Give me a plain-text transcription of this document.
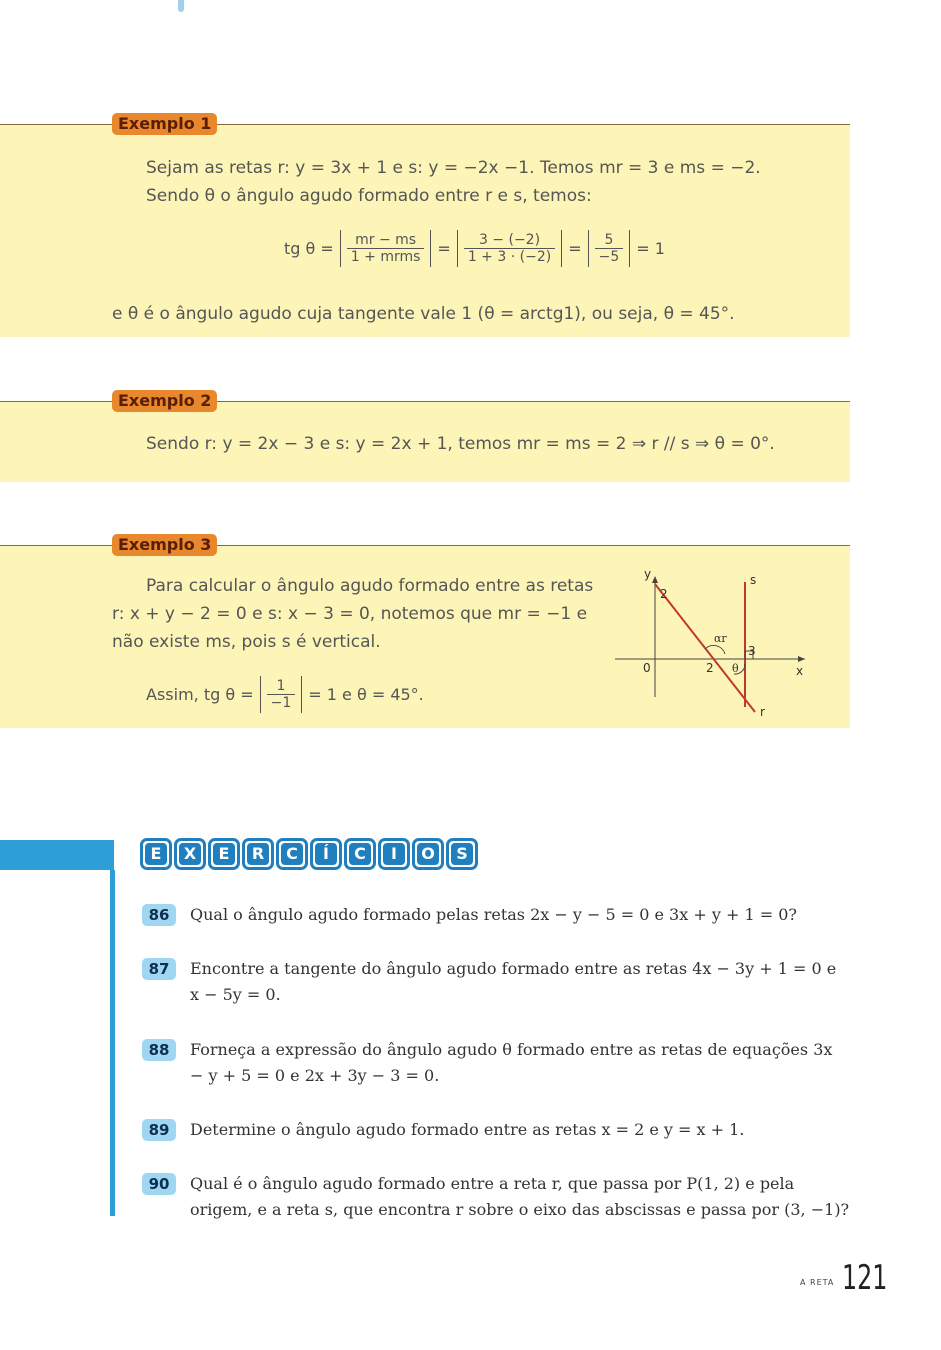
Exemplo 1
Sejam as retas r: y = 3x + 1 e s: y = −2x −1. Temos mr = 3 e ms = −2.
Sendo θ o ângulo agudo formado entre r e s, temos:
tg $\theta = \frac{mr - ms}{\text{1 + mrms}} = \frac{3 - (-2)}{1 + 3 \cdot (-2)} = \frac{5}{-5} = 1$
e θ é o ângulo agudo cuja tangente vale 1 (θ = arctg1), ou seja, θ = 45°.
Exemplo 2
Sendo r: y = 2x − 3 e s: y = 2x + 1, temos mr = ms = 2 ⇒ r // s ⇒ θ = 0°.
Exemplo 3
Para calcular o ângulo agudo formado entre as retas
r: x + y − 2 = 0 e s: x − 3 = 0, notemos que mr = −1 e
não existe ms, pois s é vertical.
Assim, tg $\theta = \frac{1}{-1} = 1$ e θ = 45°.
y	s
2
αr
3
0	2 θ	x
r
E	X	E	R	C	Í	C	I	O	S
86	Qual o ângulo agudo formado pelas retas 2x − y − 5 = 0 e 3x + y + 1 = 0?
87	Encontre a tangente do ângulo agudo formado entre as retas 4x − 3y + 1 = 0 e x − 5y = 0.
88	Forneça a expressão do ângulo agudo θ formado entre as retas de equações 3x − y + 5 = 0 e 2x + 3y − 3 = 0.
89	Determine o ângulo agudo formado entre as retas x = 2 e y = x + 1.
90	Qual é o ângulo agudo formado entre a reta r, que passa por P(1, 2) e pela origem, e a reta s, que encontra r sobre o eixo das abscissas e passa por (3, −1)?
A RETA 121
